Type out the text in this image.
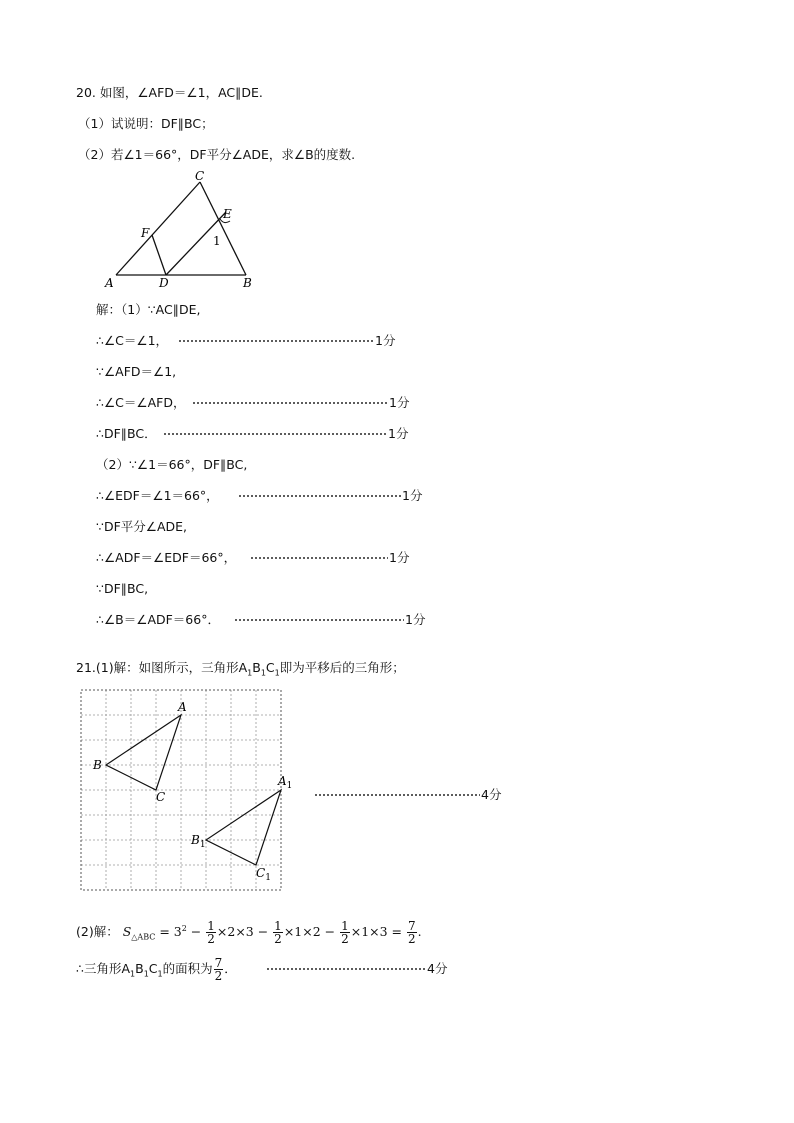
20. 如图，∠AFD＝∠1，AC∥DE.
（1）试说明：DF∥BC；
（2）若∠1＝66°，DF平分∠ADE，求∠B的度数.
C
E
F
1
A	D	B
解：（1）∵AC∥DE,
∴∠C＝∠1，	1分
∵∠AFD＝∠1,
∴∠C＝∠AFD，	1分
∴DF∥BC．	1分
（2）∵∠1＝66°，DF∥BC,
∴∠EDF＝∠1＝66°，	1分
∵DF平分∠ADE,
∴∠ADF＝∠EDF＝66°，	1分
∵DF∥BC,
∴∠B＝∠ADF＝66°．	1分
21.(1)解：如图所示，三角形$A_1B_1C_1$即为平移后的三角形；
A
B
C
$A_1$
$B_1$
$C_1$
4分
(2)解： $S_{\triangle ABC} = 3^2 - \frac{1}{2} \times 2\times 3 - \frac{1}{2} \times 1\times 2 - \frac{1}{2} \times 1\times 3 = \frac{7}{2}$ .
∴三角形$A_1B_1C_1$的面积为 $\frac{7}{2}$ ．	4分
